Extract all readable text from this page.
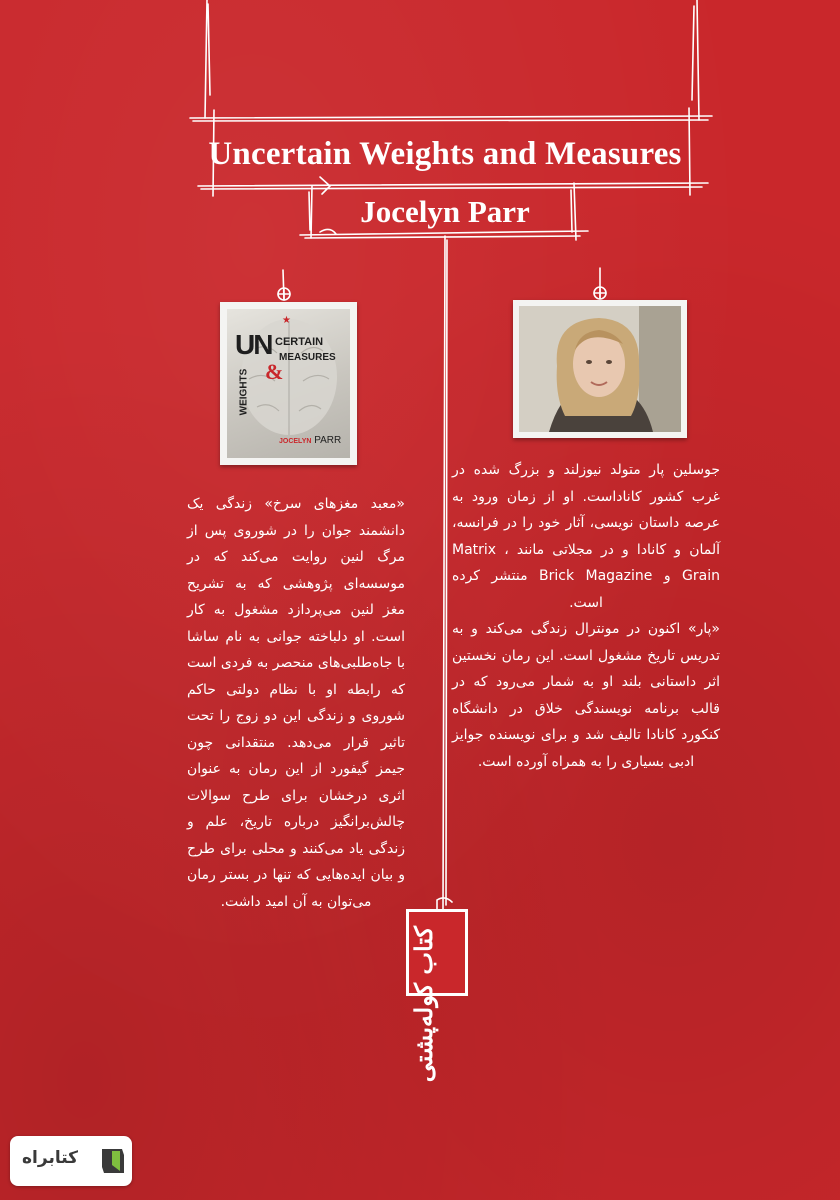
Uncertain Weights and Measures
Jocelyn Parr
★
UN CERTAIN
MEASURES
WEIGHTS &
JOCELYN PARR

«معبد مغزهای سرخ» زندگی یک دانشمند جوان را در شوروی پس از مرگ لنین روایت می‌کند که در موسسه‌ای پژوهشی که به تشریح مغز لنین می‌پردازد مشغول به کار است. او دلباخته جوانی به نام ساشا با جاه‌طلبی‌های منحصر به فردی است که رابطه او با نظام دولتی حاکم شوروی و زندگی این دو زوج را تحت تاثیر قرار می‌دهد. منتقدانی چون جیمز گیفورد از این رمان به عنوان اثری درخشان برای طرح سوالات چالش‌برانگیز درباره تاریخ، علم و زندگی یاد می‌کنند و محلی برای طرح و بیان ایده‌هایی که تنها در بستر رمان می‌توان به آن امید داشت.

جوسلین پار متولد نیوزلند و بزرگ شده در غرب کشور کاناداست. او از زمان ورود به عرصه داستان نویسی، آثار خود را در فرانسه، آلمان و کانادا و در مجلاتی مانند Matrix ، Grain و Brick Magazine منتشر کرده است.

«پار» اکنون در مونترال زندگی می‌کند و به تدریس تاریخ مشغول است. این رمان نخستین اثر داستانی بلند او به شمار می‌رود که در قالب برنامه نویسندگی خلاق در دانشگاه کنکورد کانادا تالیف شد و برای نویسنده جوایز ادبی بسیاری را به همراه آورده است.

کتاب کوله‌پشتی
کتابراه
